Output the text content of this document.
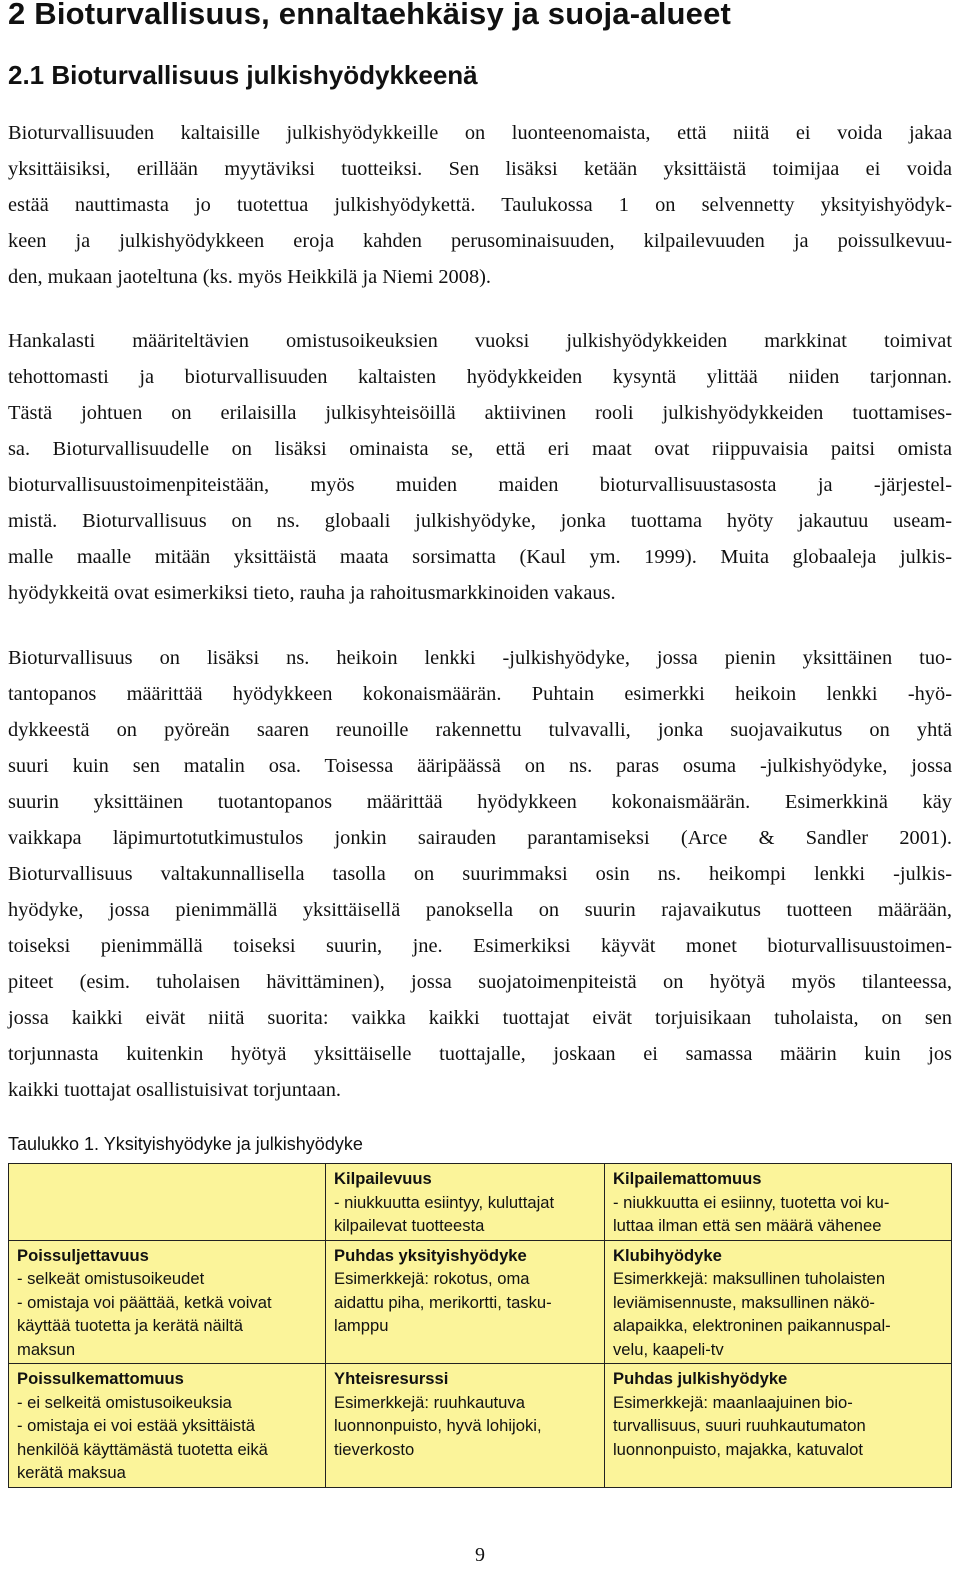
2 Bioturvallisuus, ennaltaehkäisy ja suoja-alueet
2.1 Bioturvallisuus julkishyödykkeenä
Bioturvallisuuden kaltaisille julkishyödykkeille on luonteenomaista, että niitä ei voida jakaa
yksittäisiksi, erillään myytäviksi tuotteiksi. Sen lisäksi ketään yksittäistä toimijaa ei voida
estää nauttimasta jo tuotettua julkishyödykettä. Taulukossa 1 on selvennetty yksityishyödyk-
keen ja julkishyödykkeen eroja kahden perusominaisuuden, kilpailevuuden ja poissulkevuu-
den, mukaan jaoteltuna (ks. myös Heikkilä ja Niemi 2008).
Hankalasti määriteltävien omistusoikeuksien vuoksi julkishyödykkeiden markkinat toimivat
tehottomasti ja bioturvallisuuden kaltaisten hyödykkeiden kysyntä ylittää niiden tarjonnan.
Tästä johtuen on erilaisilla julkisyhteisöillä aktiivinen rooli julkishyödykkeiden tuottamises-
sa. Bioturvallisuudelle on lisäksi ominaista se, että eri maat ovat riippuvaisia paitsi omista
bioturvallisuustoimenpiteistään, myös muiden maiden bioturvallisuustasosta ja -järjestel-
mistä. Bioturvallisuus on ns. globaali julkishyödyke, jonka tuottama hyöty jakautuu useam-
malle maalle mitään yksittäistä maata sorsimatta (Kaul ym. 1999). Muita globaaleja julkis-
hyödykkeitä ovat esimerkiksi tieto, rauha ja rahoitusmarkkinoiden vakaus.
Bioturvallisuus on lisäksi ns. heikoin lenkki -julkishyödyke, jossa pienin yksittäinen tuo-
tantopanos määrittää hyödykkeen kokonaismäärän. Puhtain esimerkki heikoin lenkki -hyö-
dykkeestä on pyöreän saaren reunoille rakennettu tulvavalli, jonka suojavaikutus on yhtä
suuri kuin sen matalin osa. Toisessa ääripäässä on ns. paras osuma -julkishyödyke, jossa
suurin yksittäinen tuotantopanos määrittää hyödykkeen kokonaismäärän. Esimerkkinä käy
vaikkapa läpimurtotutkimustulos jonkin sairauden parantamiseksi (Arce & Sandler 2001).
Bioturvallisuus valtakunnallisella tasolla on suurimmaksi osin ns. heikompi lenkki -julkis-
hyödyke, jossa pienimmällä yksittäisellä panoksella on suurin rajavaikutus tuotteen määrään,
toiseksi pienimmällä toiseksi suurin, jne. Esimerkiksi käyvät monet bioturvallisuustoimen-
piteet (esim. tuholaisen hävittäminen), jossa suojatoimenpiteistä on hyötyä myös tilanteessa,
jossa kaikki eivät niitä suorita: vaikka kaikki tuottajat eivät torjuisikaan tuholaista, on sen
torjunnasta kuitenkin hyötyä yksittäiselle tuottajalle, joskaan ei samassa määrin kuin jos
kaikki tuottajat osallistuisivat torjuntaan.
Taulukko 1. Yksityishyödyke ja julkishyödyke

	Kilpailevuus
- niukkuutta esiintyy, kuluttajat
kilpailevat tuotteesta	Kilpailemattomuus
- niukkuutta ei esiinny, tuotetta voi ku-
luttaa ilman että sen määrä vähenee

Poissuljettavuus
- selkeät omistusoikeudet
- omistaja voi päättää, ketkä voivat
käyttää tuotetta ja kerätä näiltä
maksun	Puhdas yksityishyödyke
Esimerkkejä: rokotus, oma
aidattu piha, merikortti, tasku-
lamppu	Klubihyödyke
Esimerkkejä: maksullinen tuholaisten
leviämisennuste, maksullinen näkö-
alapaikka, elektroninen paikannuspal-
velu, kaapeli-tv

Poissulkemattomuus
- ei selkeitä omistusoikeuksia
- omistaja ei voi estää yksittäistä
henkilöä käyttämästä tuotetta eikä
kerätä maksua	Yhteisresurssi
Esimerkkejä: ruuhkautuva
luonnonpuisto, hyvä lohijoki,
tieverkosto	Puhdas julkishyödyke
Esimerkkejä: maanlaajuinen bio-
turvallisuus, suuri ruuhkautumaton
luonnonpuisto, majakka, katuvalot
9
